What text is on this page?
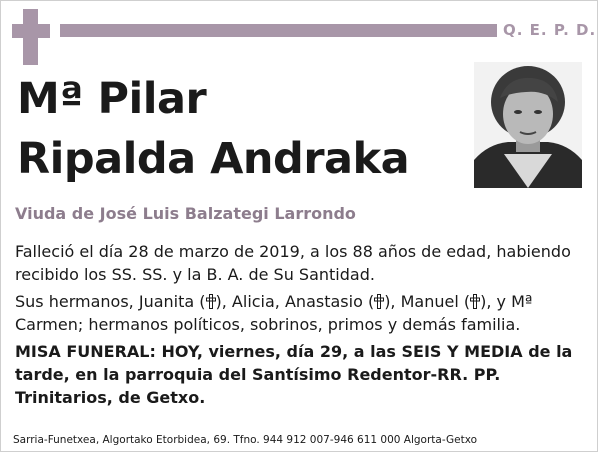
Q. E. P. D.
Mª Pilar
Ripalda Andraka
Viuda de José Luis Balzategi Larrondo

Falleció el día 28 de marzo de 2019, a los 88 años de edad, habiendo recibido los SS. SS. y la B. A. de Su Santidad.

Sus hermanos, Juanita ( ), Alicia, Anastasio ( ), Manuel ( ), y Mª Carmen; hermanos políticos, sobrinos, primos y demás familia.

MISA FUNERAL: HOY, viernes, día 29, a las SEIS Y MEDIA de la tarde, en la parroquia del Santísimo Redentor-RR. PP. Trinitarios, de Getxo.

Sarria-Funetxea, Algortako Etorbidea, 69. Tfno. 944 912 007-946 611 000 Algorta-Getxo
